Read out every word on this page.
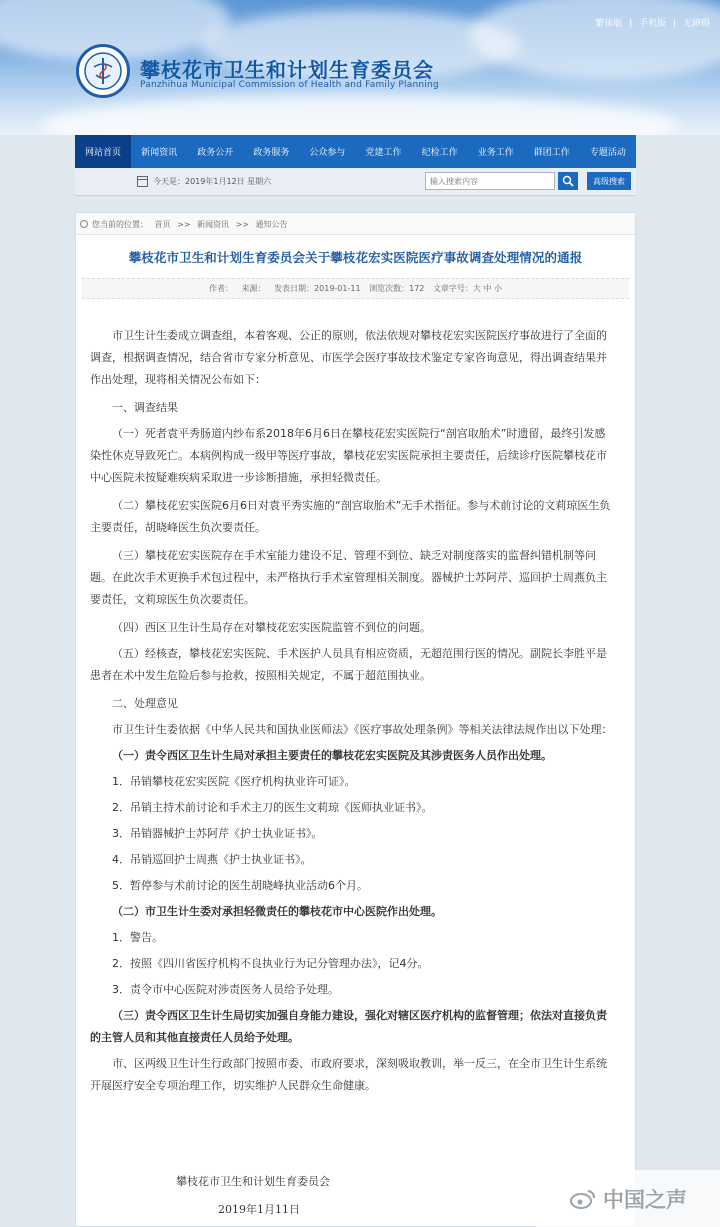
繁体版 | 手机版 | 无障碍
攀枝花市卫生和计划生育委员会
Panzhihua Municipal Commission of Health and Family Planning
网站首页	新闻资讯	政务公开	政务服务	公众参与	党建工作	纪检工作	业务工作	群团工作	专题活动
今天是：2019年1月12日 星期六
输入搜索内容	高级搜索
您当前的位置： 首页 >> 新闻资讯 >> 通知公告
攀枝花市卫生和计划生育委员会关于攀枝花宏实医院医疗事故调查处理情况的通报
作者： 来源： 发表日期：2019-01-11 浏览次数：172 文章字号：大 中 小

市卫生计生委成立调查组，本着客观、公正的原则，依法依规对攀枝花宏实医院医疗事故进行了全面的调查，根据调查情况，结合省市专家分析意见、市医学会医疗事故技术鉴定专家咨询意见，得出调查结果并作出处理，现将相关情况公布如下：

一、调查结果

（一）死者袁平秀肠道内纱布系2018年6月6日在攀枝花宏实医院行“剖宫取胎术”时遗留，最终引发感染性休克导致死亡。本病例构成一级甲等医疗事故，攀枝花宏实医院承担主要责任，后续诊疗医院攀枝花市中心医院未按疑难疾病采取进一步诊断措施，承担轻微责任。

（二）攀枝花宏实医院6月6日对袁平秀实施的“剖宫取胎术”无手术指征。参与术前讨论的文莉琼医生负主要责任，胡晓峰医生负次要责任。

（三）攀枝花宏实医院存在手术室能力建设不足、管理不到位、缺乏对制度落实的监督纠错机制等问题。在此次手术更换手术包过程中，未严格执行手术室管理相关制度。器械护士苏阿芹、巡回护士周燕负主要责任，文莉琼医生负次要责任。

（四）西区卫生计生局存在对攀枝花宏实医院监管不到位的问题。

（五）经核查，攀枝花宏实医院、手术医护人员具有相应资质，无超范围行医的情况。副院长李胜平是患者在术中发生危险后参与抢救，按照相关规定，不属于超范围执业。

二、处理意见

市卫生计生委依据《中华人民共和国执业医师法》《医疗事故处理条例》等相关法律法规作出以下处理：

（一）责令西区卫生计生局对承担主要责任的攀枝花宏实医院及其涉责医务人员作出处理。

1．吊销攀枝花宏实医院《医疗机构执业许可证》。

2．吊销主持术前讨论和手术主刀的医生文莉琼《医师执业证书》。

3．吊销器械护士苏阿芹《护士执业证书》。

4．吊销巡回护士周燕《护士执业证书》。

5．暂停参与术前讨论的医生胡晓峰执业活动6个月。

（二）市卫生计生委对承担轻微责任的攀枝花市中心医院作出处理。

1．警告。

2．按照《四川省医疗机构不良执业行为记分管理办法》，记4分。

3．责令市中心医院对涉责医务人员给予处理。

（三）责令西区卫生计生局切实加强自身能力建设，强化对辖区医疗机构的监督管理；依法对直接负责的主管人员和其他直接责任人员给予处理。

市、区两级卫生计生行政部门按照市委、市政府要求，深刻吸取教训，举一反三，在全市卫生计生系统开展医疗安全专项治理工作，切实维护人民群众生命健康。

攀枝花市卫生和计划生育委员会
2019年1月11日	中国之声
